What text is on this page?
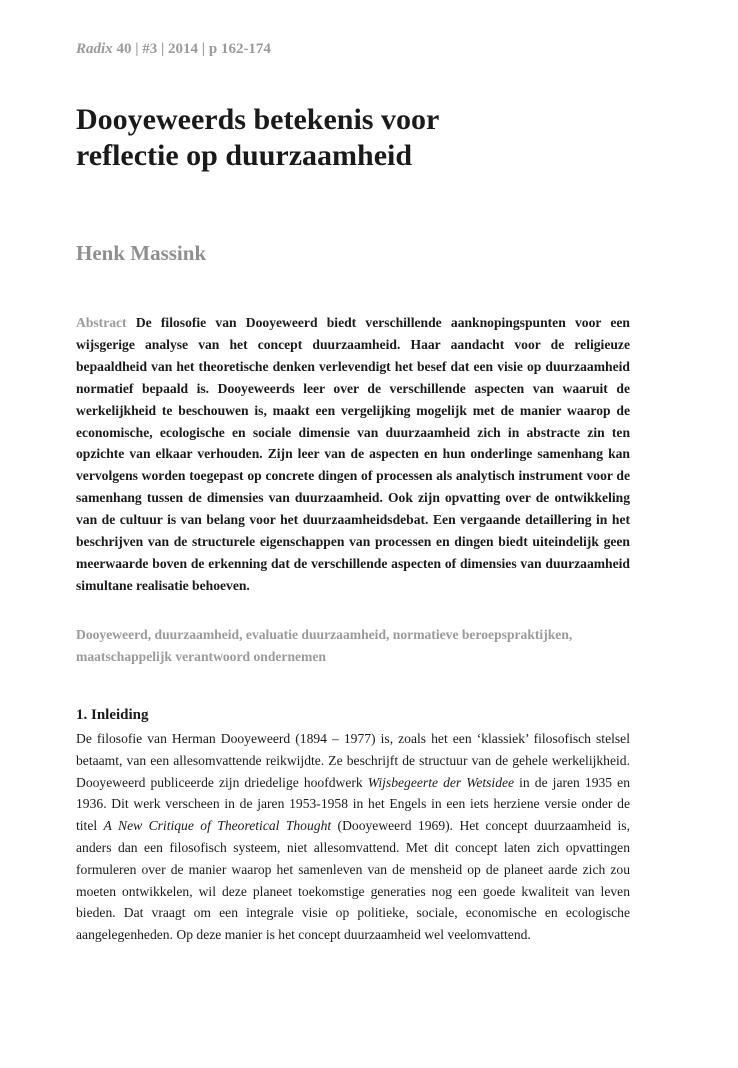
Radix 40 | #3 | 2014 | p 162-174
Dooyeweerds betekenis voor
reflectie op duurzaamheid
Henk Massink

Abstract De filosofie van Dooyeweerd biedt verschillende aanknopingspunten voor een wijsgerige analyse van het concept duurzaamheid. Haar aandacht voor de religieuze bepaaldheid van het theoretische denken verlevendigt het besef dat een visie op duurzaamheid normatief bepaald is. Dooyeweerds leer over de verschillende aspecten van waaruit de werkelijkheid te beschouwen is, maakt een vergelijking mogelijk met de manier waarop de economische, ecologische en sociale dimensie van duurzaamheid zich in abstracte zin ten opzichte van elkaar verhouden. Zijn leer van de aspecten en hun onderlinge samenhang kan vervolgens worden toegepast op concrete dingen of processen als analytisch instrument voor de samenhang tussen de dimensies van duurzaamheid. Ook zijn opvatting over de ontwikkeling van de cultuur is van belang voor het duurzaamheidsdebat. Een vergaande detaillering in het beschrijven van de structurele eigenschappen van processen en dingen biedt uiteindelijk geen meerwaarde boven de erkenning dat de verschillende aspecten of dimensies van duurzaamheid simultane realisatie behoeven.

Dooyeweerd, duurzaamheid, evaluatie duurzaamheid, normatieve beroepspraktijken, maatschappelijk verantwoord ondernemen

1. Inleiding

De filosofie van Herman Dooyeweerd (1894 – 1977) is, zoals het een ‘klassiek’ filosofisch stelsel betaamt, van een allesomvattende reikwijdte. Ze beschrijft de structuur van de gehele werkelijkheid. Dooyeweerd publiceerde zijn driedelige hoofdwerk Wijsbegeerte der Wetsidee in de jaren 1935 en 1936. Dit werk verscheen in de jaren 1953-1958 in het Engels in een iets herziene versie onder de titel A New Critique of Theoretical Thought (Dooyeweerd 1969). Het concept duurzaamheid is, anders dan een filosofisch systeem, niet allesomvattend. Met dit concept laten zich opvattingen formuleren over de manier waarop het samenleven van de mensheid op de planeet aarde zich zou moeten ontwikkelen, wil deze planeet toekomstige generaties nog een goede kwaliteit van leven bieden. Dat vraagt om een integrale visie op politieke, sociale, economische en ecologische aangelegenheden. Op deze manier is het concept duurzaamheid wel veelomvattend.
